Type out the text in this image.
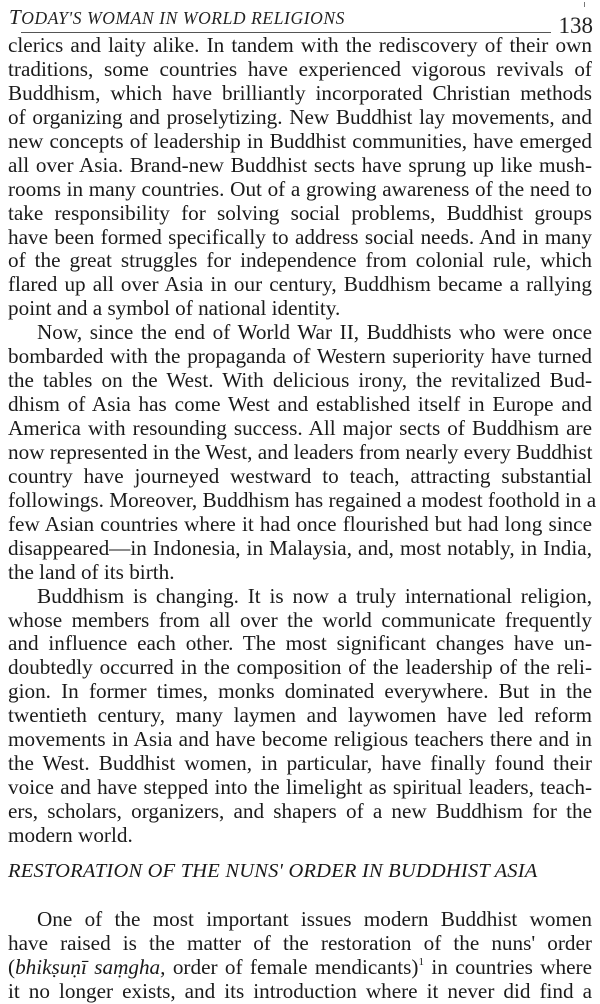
TODAY'S WOMAN IN WORLD RELIGIONS	138
clerics and laity alike. In tandem with the rediscovery of their own
traditions, some countries have experienced vigorous revivals of
Buddhism, which have brilliantly incorporated Christian methods
of organizing and proselytizing. New Buddhist lay movements, and
new concepts of leadership in Buddhist communities, have emerged
all over Asia. Brand-new Buddhist sects have sprung up like mush-
rooms in many countries. Out of a growing awareness of the need to
take responsibility for solving social problems, Buddhist groups
have been formed specifically to address social needs. And in many
of the great struggles for independence from colonial rule, which
flared up all over Asia in our century, Buddhism became a rallying
point and a symbol of national identity.
Now, since the end of World War II, Buddhists who were once
bombarded with the propaganda of Western superiority have turned
the tables on the West. With delicious irony, the revitalized Bud-
dhism of Asia has come West and established itself in Europe and
America with resounding success. All major sects of Buddhism are
now represented in the West, and leaders from nearly every Buddhist
country have journeyed westward to teach, attracting substantial
followings. Moreover, Buddhism has regained a modest foothold in a
few Asian countries where it had once flourished but had long since
disappeared—in Indonesia, in Malaysia, and, most notably, in India,
the land of its birth.
Buddhism is changing. It is now a truly international religion,
whose members from all over the world communicate frequently
and influence each other. The most significant changes have un-
doubtedly occurred in the composition of the leadership of the reli-
gion. In former times, monks dominated everywhere. But in the
twentieth century, many laymen and laywomen have led reform
movements in Asia and have become religious teachers there and in
the West. Buddhist women, in particular, have finally found their
voice and have stepped into the limelight as spiritual leaders, teach-
ers, scholars, organizers, and shapers of a new Buddhism for the
modern world.
RESTORATION OF THE NUNS' ORDER IN BUDDHIST ASIA
One of the most important issues modern Buddhist women
have raised is the matter of the restoration of the nuns' order
(bhikṣuṇī saṃgha, order of female mendicants)$^1$ in countries where
it no longer exists, and its introduction where it never did find a
